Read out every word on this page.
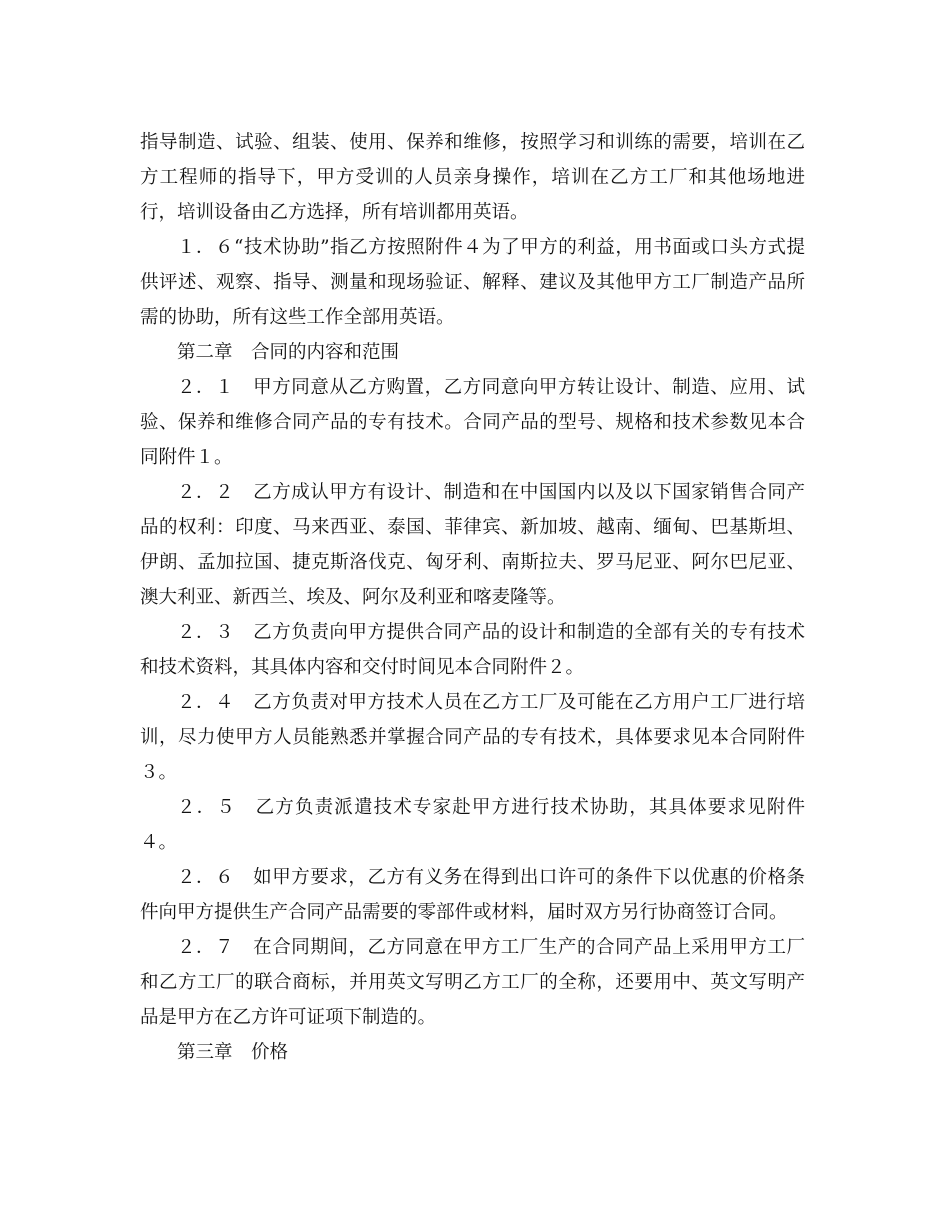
指导制造、试验、组装、使用、保养和维修，按照学习和训练的需要，培训在乙方工程师的指导下，甲方受训的人员亲身操作，培训在乙方工厂和其他场地进行，培训设备由乙方选择，所有培训都用英语。

１．６“技术协助”指乙方按照附件４为了甲方的利益，用书面或口头方式提供评述、观察、指导、测量和现场验证、解释、建议及其他甲方工厂制造产品所需的协助，所有这些工作全部用英语。

第二章　合同的内容和范围

２．１　甲方同意从乙方购置，乙方同意向甲方转让设计、制造、应用、试验、保养和维修合同产品的专有技术。合同产品的型号、规格和技术参数见本合同附件１。

２．２　乙方成认甲方有设计、制造和在中国国内以及以下国家销售合同产品的权利：印度、马来西亚、泰国、菲律宾、新加坡、越南、缅甸、巴基斯坦、伊朗、孟加拉国、捷克斯洛伐克、匈牙利、南斯拉夫、罗马尼亚、阿尔巴尼亚、澳大利亚、新西兰、埃及、阿尔及利亚和喀麦隆等。

２．３　乙方负责向甲方提供合同产品的设计和制造的全部有关的专有技术和技术资料，其具体内容和交付时间见本合同附件２。

２．４　乙方负责对甲方技术人员在乙方工厂及可能在乙方用户工厂进行培训，尽力使甲方人员能熟悉并掌握合同产品的专有技术，具体要求见本合同附件３。

２．５　乙方负责派遣技术专家赴甲方进行技术协助，其具体要求见附件４。

２．６　如甲方要求，乙方有义务在得到出口许可的条件下以优惠的价格条件向甲方提供生产合同产品需要的零部件或材料，届时双方另行协商签订合同。

２．７　在合同期间，乙方同意在甲方工厂生产的合同产品上采用甲方工厂和乙方工厂的联合商标，并用英文写明乙方工厂的全称，还要用中、英文写明产品是甲方在乙方许可证项下制造的。

第三章　价格
